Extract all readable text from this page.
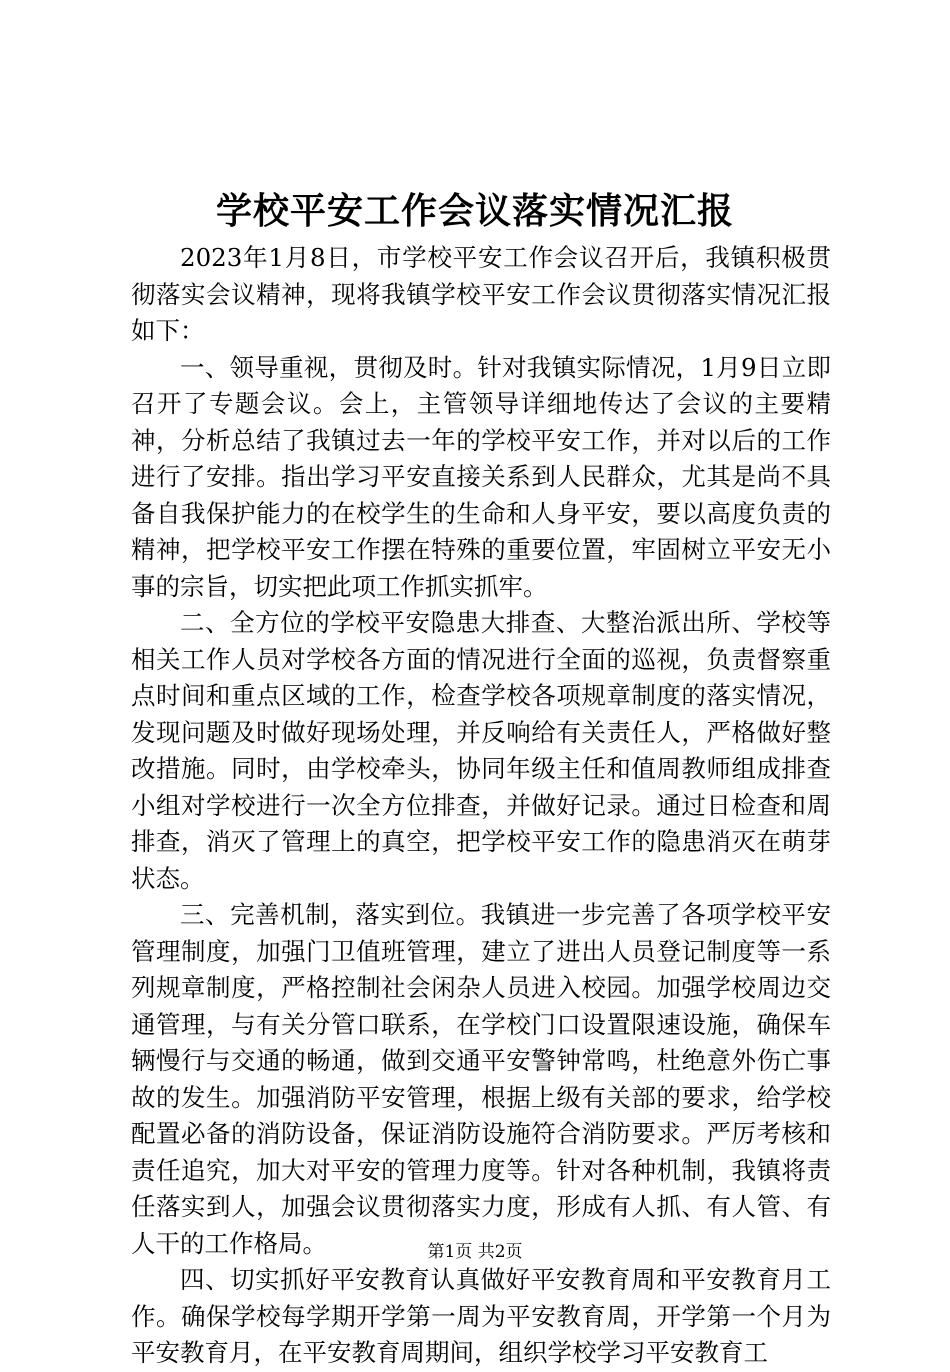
学校平安工作会议落实情况汇报

2023年1月8日，市学校平安工作会议召开后，我镇积极贯彻落实会议精神，现将我镇学校平安工作会议贯彻落实情况汇报如下：

一、领导重视，贯彻及时。针对我镇实际情况，1月9日立即召开了专题会议。会上，主管领导详细地传达了会议的主要精神，分析总结了我镇过去一年的学校平安工作，并对以后的工作进行了安排。指出学习平安直接关系到人民群众，尤其是尚不具备自我保护能力的在校学生的生命和人身平安，要以高度负责的精神，把学校平安工作摆在特殊的重要位置，牢固树立平安无小事的宗旨，切实把此项工作抓实抓牢。

二、全方位的学校平安隐患大排查、大整治派出所、学校等相关工作人员对学校各方面的情况进行全面的巡视，负责督察重点时间和重点区域的工作，检查学校各项规章制度的落实情况，发现问题及时做好现场处理，并反响给有关责任人，严格做好整改措施。同时，由学校牵头，协同年级主任和值周教师组成排查小组对学校进行一次全方位排查，并做好记录。通过日检查和周排查，消灭了管理上的真空，把学校平安工作的隐患消灭在萌芽状态。

三、完善机制，落实到位。我镇进一步完善了各项学校平安管理制度，加强门卫值班管理，建立了进出人员登记制度等一系列规章制度，严格控制社会闲杂人员进入校园。加强学校周边交通管理，与有关分管口联系，在学校门口设置限速设施，确保车辆慢行与交通的畅通，做到交通平安警钟常鸣，杜绝意外伤亡事故的发生。加强消防平安管理，根据上级有关部的要求，给学校配置必备的消防设备，保证消防设施符合消防要求。严厉考核和责任追究，加大对平安的管理力度等。针对各种机制，我镇将责任落实到人，加强会议贯彻落实力度，形成有人抓、有人管、有人干的工作格局。

四、切实抓好平安教育认真做好平安教育周和平安教育月工作。确保学校每学期开学第一周为平安教育周，开学第一个月为平安教育月，在平安教育周期间，组织学校学习平安教育工

第1页 共2页
